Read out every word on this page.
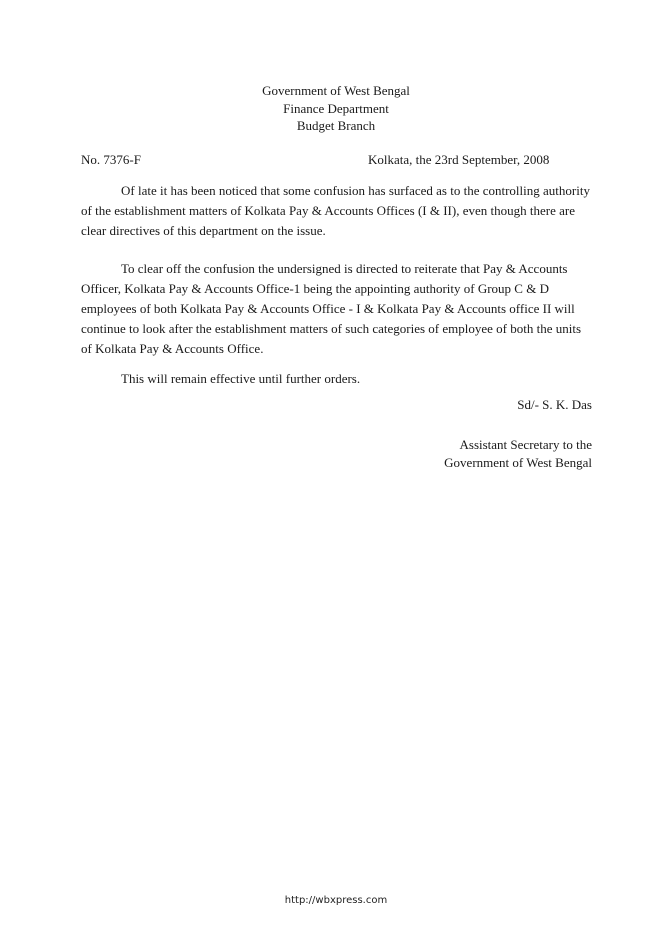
Government of West Bengal
Finance Department
Budget Branch
No. 7376-F	Kolkata, the 23rd September, 2008

Of late it has been noticed that some confusion has surfaced as to the controlling authority of the establishment matters of Kolkata Pay & Accounts Offices (I & II), even though there are clear directives of this department on the issue.

To clear off the confusion the undersigned is directed to reiterate that Pay & Accounts Officer, Kolkata Pay & Accounts Office-1 being the appointing authority of Group C & D employees of both Kolkata Pay & Accounts Office - I & Kolkata Pay & Accounts office II will continue to look after the establishment matters of such categories of employee of both the units of Kolkata Pay & Accounts Office.

This will remain effective until further orders.

Sd/- S. K. Das
Assistant Secretary to the
Government of West Bengal
http://wbxpress.com
